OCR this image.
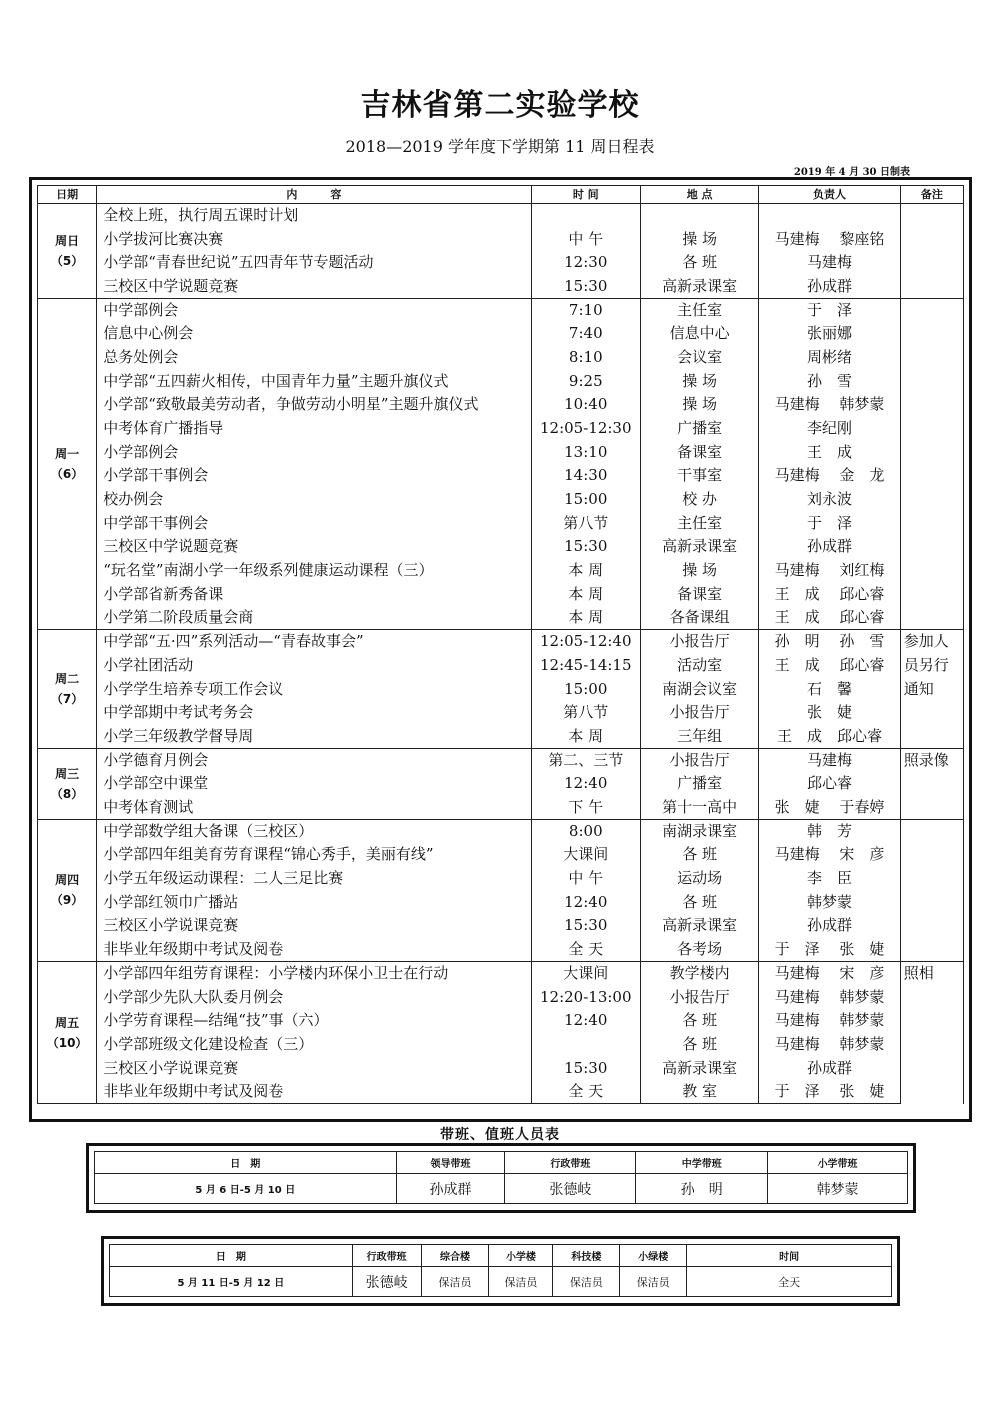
吉林省第二实验学校
2018—2019 学年度下学期第 11 周日程表
2019 年 4 月 30 日制表
日期	内　　　容	时 间	地 点	负责人	备注

周日
（5）	全校上班，执行周五课时计划				
	小学拔河比赛决赛	中 午	操 场	马建梅　 黎座铭	
	小学部“青春世纪说”五四青年节专题活动	12:30	各 班	马建梅	
	三校区中学说题竞赛	15:30	高新录课室	孙成群	

周一
（6）	中学部例会	7:10	主任室	于　泽	
	信息中心例会	7:40	信息中心	张丽娜	
	总务处例会	8:10	会议室	周彬绪	
	中学部“五四薪火相传，中国青年力量”主题升旗仪式	9:25	操 场	孙　雪	
	小学部“致敬最美劳动者，争做劳动小明星”主题升旗仪式	10:40	操 场	马建梅　 韩梦蒙	
	中考体育广播指导	12:05-12:30	广播室	李纪刚	
	小学部例会	13:10	备课室	王　成	
	小学部干事例会	14:30	干事室	马建梅　 金　龙	
	校办例会	15:00	校 办	刘永波	
	中学部干事例会	第八节	主任室	于　泽	
	三校区中学说题竞赛	15:30	高新录课室	孙成群	
	“玩名堂”南湖小学一年级系列健康运动课程（三）	本 周	操 场	马建梅　 刘红梅	
	小学部省新秀备课	本 周	备课室	王　成　 邱心睿	
	小学第二阶段质量会商	本 周	各备课组	王　成　 邱心睿	

周二
（7）	中学部“五·四”系列活动—“青春故事会”	12:05-12:40	小报告厅	孙　明　 孙　雪	参加人员另行通知
	小学社团活动	12:45-14:15	活动室	王　成　 邱心睿	
	小学学生培养专项工作会议	15:00	南湖会议室	石　馨	
	中学部期中考试考务会	第八节	小报告厅	张　婕	
	小学三年级教学督导周	本 周	三年组	王　成　邱心睿	

周三
（8）	小学德育月例会	第二、三节	小报告厅	马建梅	照录像
	小学部空中课堂	12:40	广播室	邱心睿	
	中考体育测试	下 午	第十一高中	张　婕　 于春婷	

周四
（9）	中学部数学组大备课（三校区）	8:00	南湖录课室	韩　芳	
	小学部四年组美育劳育课程“锦心秀手，美丽有线”	大课间	各 班	马建梅　 宋　彦	
	小学五年级运动课程：二人三足比赛	中 午	运动场	李　臣	
	小学部红领巾广播站	12:40	各 班	韩梦蒙	
	三校区小学说课竞赛	15:30	高新录课室	孙成群	
	非毕业年级期中考试及阅卷	全 天	各考场	于　泽　 张　婕	

周五
（10）	小学部四年组劳育课程：小学楼内环保小卫士在行动	大课间	教学楼内	马建梅　 宋　彦	照相
	小学部少先队大队委月例会	12:20-13:00	小报告厅	马建梅　 韩梦蒙	
	小学劳育课程—结绳“技”事（六）	12:40	各 班	马建梅　 韩梦蒙	
	小学部班级文化建设检查（三）		各 班	马建梅　 韩梦蒙	
	三校区小学说课竞赛	15:30	高新录课室	孙成群	
	非毕业年级期中考试及阅卷	全 天	教 室	于　泽　 张　婕	
带班、值班人员表
日　期	领导带班	行政带班	中学带班	小学带班
5 月 6 日-5 月 10 日	孙成群	张德岐	孙　明	韩梦蒙
日　期	行政带班	综合楼	小学楼	科技楼	小绿楼	时间
5 月 11 日-5 月 12 日	张德岐	保洁员	保洁员	保洁员	保洁员	全天
